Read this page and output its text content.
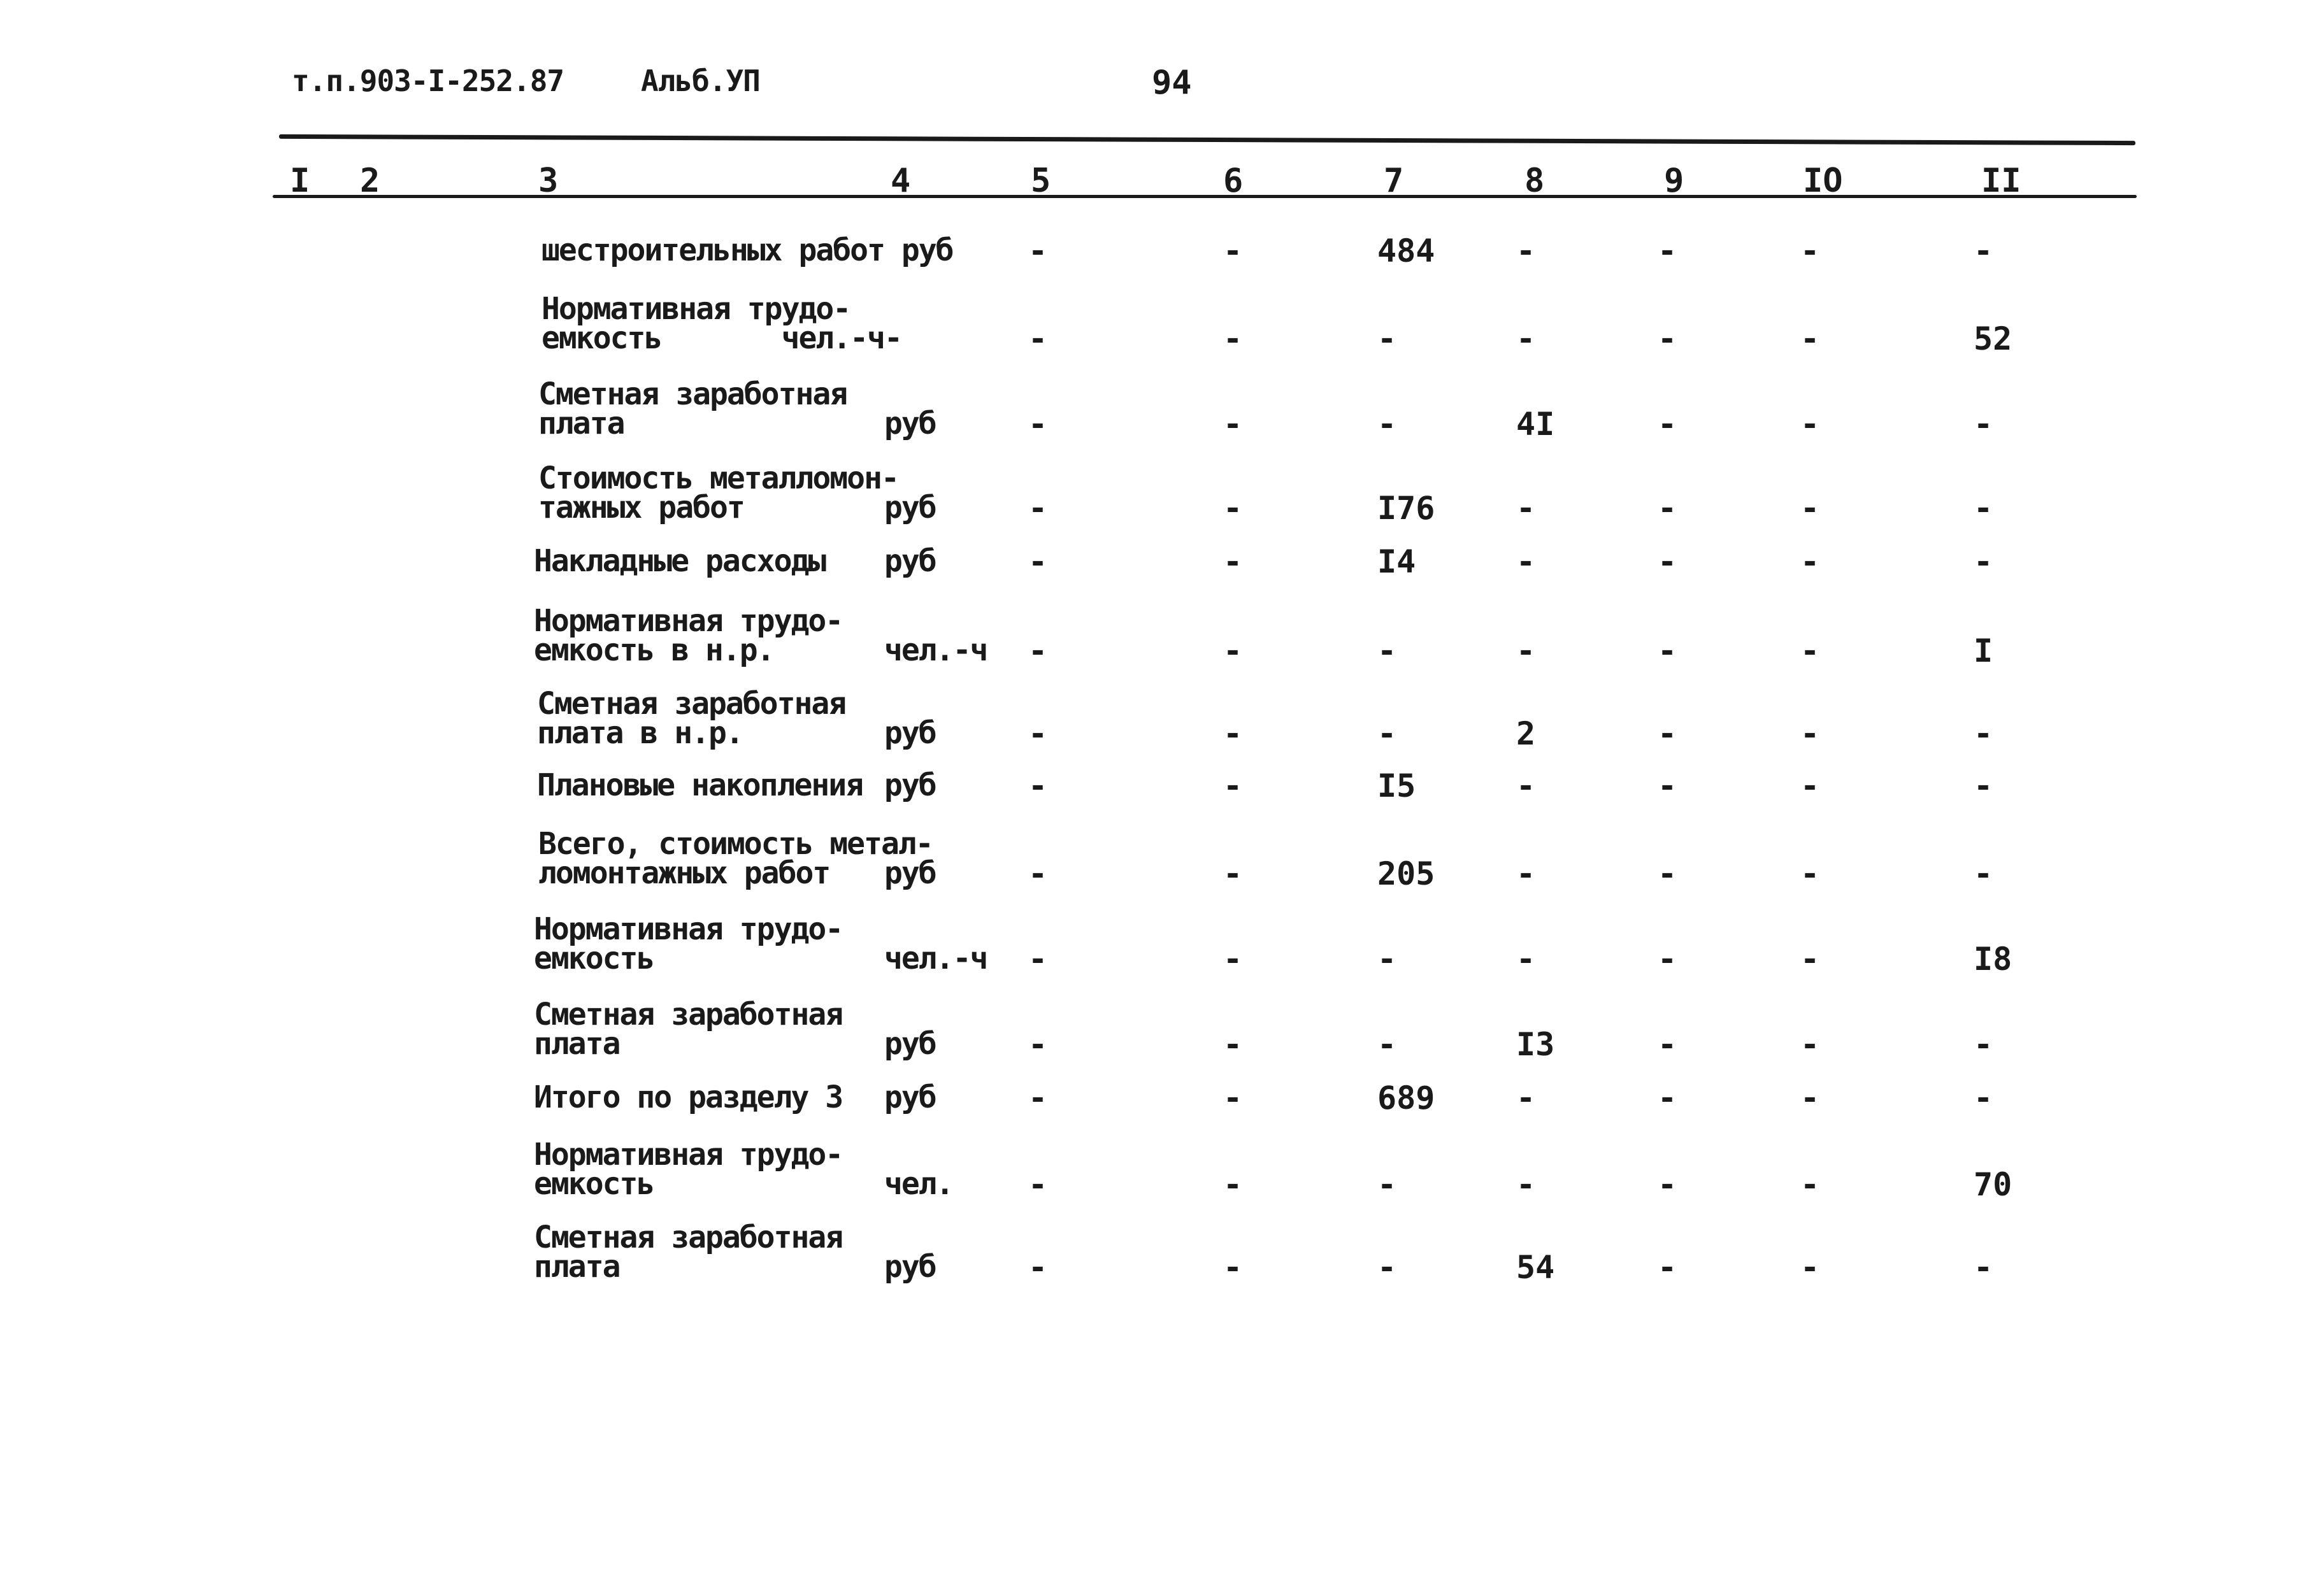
т.п.903-I-252.87	Альб.УП	94
I 2	3	4	5	6	7	8	9	IO	II
шестроительных работ руб -	-	484	-	-	-	-
Нормативная трудо-
емкость       чел.-ч -	-	-	-	-	-	-	52
Сметная заработная
плата	руб	-	-	-	4I	-	-	-
Стоимость металломон-
тажных работ	руб	-	-	I76	-	-	-	-
Накладные расходы руб	-	-	I4	-	-	-	-
Нормативная трудо-
емкость в н.р.	чел.-ч -	-	-	-	-	-	I
Сметная заработная
плата в н.р.	руб	-	-	-	2	-	-	-
Плановые накопления руб	-	-	I5	-	-	-	-
Всего, стоимость метал-
ломонтажных работ	руб	-	-	205	-	-	-	-
Нормативная трудо-
емкость	чел.-ч -	-	-	-	-	-	I8
Сметная заработная
плата	руб	-	-	-	I3	-	-	-
Итого по разделу 3 руб	-	-	689	-	-	-	-
Нормативная трудо-
емкость	чел. -	-	-	-	-	-	70
Сметная заработная
плата	руб	-	-	-	54	-	-	-
